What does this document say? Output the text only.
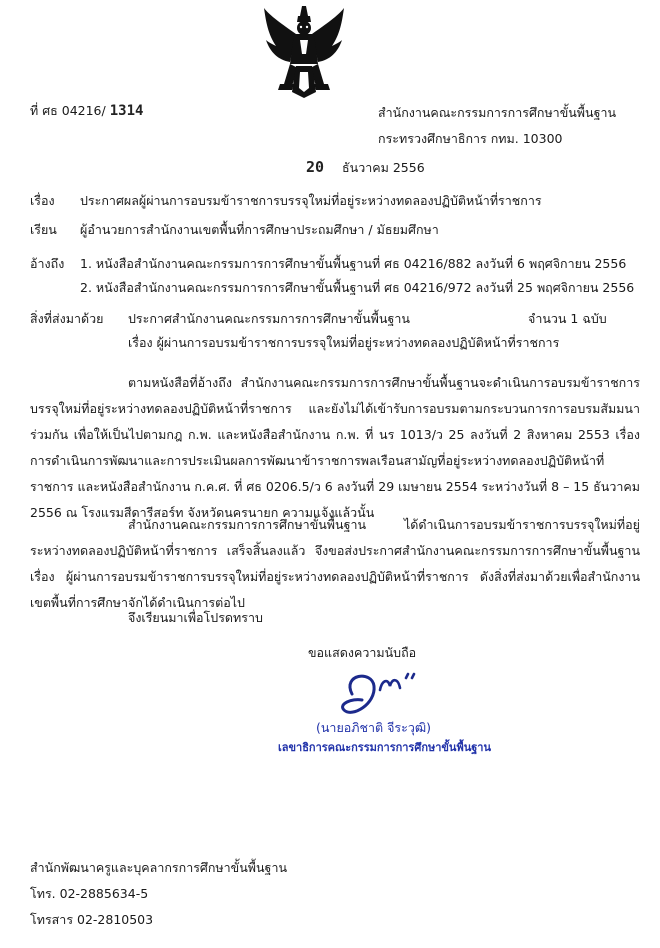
ที่ ศธ 04216/ 1314	สำนักงานคณะกรรมการการศึกษาขั้นพื้นฐาน
กระทรวงศึกษาธิการ กทม. 10300
20 ธันวาคม 2556
เรื่อง ประกาศผลผู้ผ่านการอบรมข้าราชการบรรจุใหม่ที่อยู่ระหว่างทดลองปฏิบัติหน้าที่ราชการ
เรียน ผู้อำนวยการสำนักงานเขตพื้นที่การศึกษาประถมศึกษา / มัธยมศึกษา
อ้างถึง 1. หนังสือสำนักงานคณะกรรมการการศึกษาขั้นพื้นฐานที่ ศธ 04216/882 ลงวันที่ 6 พฤศจิกายน 2556
2. หนังสือสำนักงานคณะกรรมการการศึกษาขั้นพื้นฐานที่ ศธ 04216/972 ลงวันที่ 25 พฤศจิกายน 2556
สิ่งที่ส่งมาด้วย ประกาศสำนักงานคณะกรรมการการศึกษาขั้นพื้นฐาน	จำนวน 1 ฉบับ
เรื่อง ผู้ผ่านการอบรมข้าราชการบรรจุใหม่ที่อยู่ระหว่างทดลองปฏิบัติหน้าที่ราชการ
ตามหนังสือที่อ้างถึง สำนักงานคณะกรรมการการศึกษาขั้นพื้นฐานจะดำเนินการอบรมข้าราชการบรรจุใหม่ที่อยู่ระหว่างทดลองปฏิบัติหน้าที่ราชการ และยังไม่ได้เข้ารับการอบรมตามกระบวนการการอบรมสัมมนาร่วมกัน เพื่อให้เป็นไปตามกฎ ก.พ. และหนังสือสำนักงาน ก.พ. ที่ นร 1013/ว 25 ลงวันที่ 2 สิงหาคม 2553 เรื่อง การดำเนินการพัฒนาและการประเมินผลการพัฒนาข้าราชการพลเรือนสามัญที่อยู่ระหว่างทดลองปฏิบัติหน้าที่ราชการ และหนังสือสำนักงาน ก.ค.ศ. ที่ ศธ 0206.5/ว 6 ลงวันที่ 29 เมษายน 2554 ระหว่างวันที่ 8 – 15 ธันวาคม 2556 ณ โรงแรมสีดารีสอร์ท จังหวัดนครนายก ความแจ้งแล้วนั้น
สำนักงานคณะกรรมการการศึกษาขั้นพื้นฐาน ได้ดำเนินการอบรมข้าราชการบรรจุใหม่ที่อยู่ระหว่างทดลองปฏิบัติหน้าที่ราชการ เสร็จสิ้นลงแล้ว จึงขอส่งประกาศสำนักงานคณะกรรมการการศึกษาขั้นพื้นฐาน เรื่อง ผู้ผ่านการอบรมข้าราชการบรรจุใหม่ที่อยู่ระหว่างทดลองปฏิบัติหน้าที่ราชการ ดังสิ่งที่ส่งมาด้วยเพื่อสำนักงานเขตพื้นที่การศึกษาจักได้ดำเนินการต่อไป
จึงเรียนมาเพื่อโปรดทราบ
ขอแสดงความนับถือ
(นายอภิชาติ จีระวุฒิ)
เลขาธิการคณะกรรมการการศึกษาขั้นพื้นฐาน
สำนักพัฒนาครูและบุคลากรการศึกษาขั้นพื้นฐาน
โทร. 02-2885634-5
โทรสาร 02-2810503
